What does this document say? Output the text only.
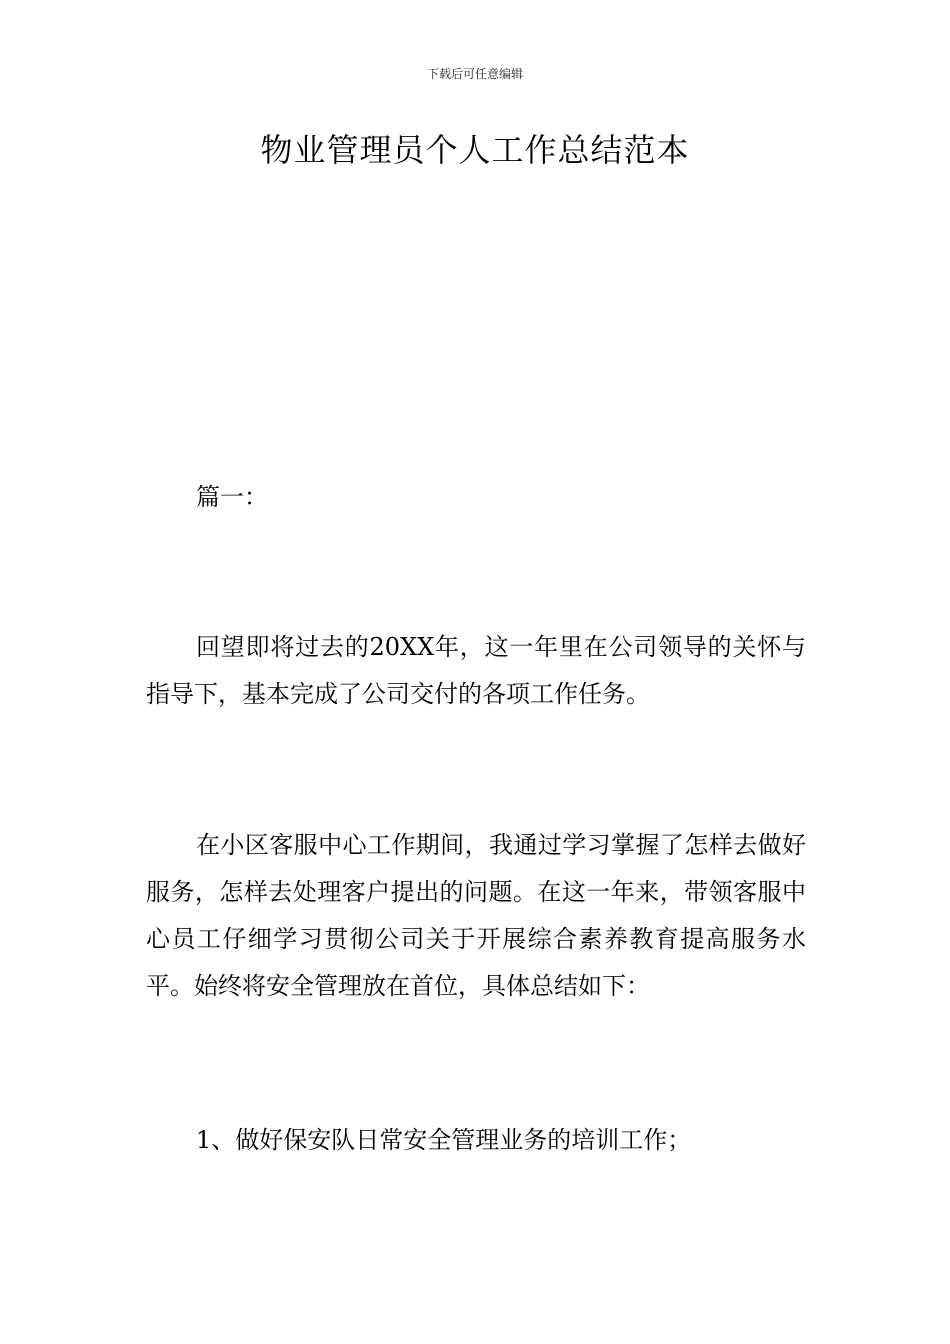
下载后可任意编辑
物业管理员个人工作总结范本

篇一：

回望即将过去的20XX年，这一年里在公司领导的关怀与指导下，基本完成了公司交付的各项工作任务。

在小区客服中心工作期间，我通过学习掌握了怎样去做好服务，怎样去处理客户提出的问题。在这一年来，带领客服中心员工仔细学习贯彻公司关于开展综合素养教育提高服务水平。始终将安全管理放在首位，具体总结如下：

1、做好保安队日常安全管理业务的培训工作；
